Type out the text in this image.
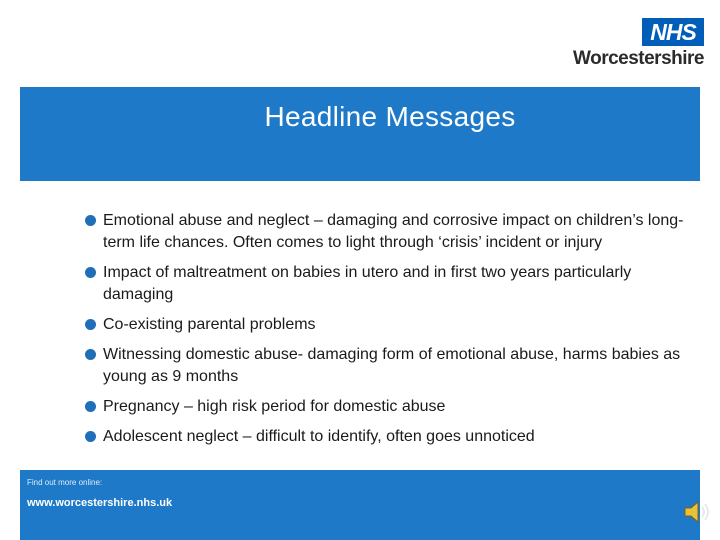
NHS
Worcestershire
Headline Messages
Emotional abuse and neglect – damaging and corrosive impact on children’s long-term life chances. Often comes to light through ‘crisis’ incident or injury
Impact of maltreatment on babies in utero and in first two years particularly damaging
Co-existing parental problems
Witnessing domestic abuse- damaging form of emotional abuse, harms babies as young as 9 months
Pregnancy – high risk period for domestic abuse
Adolescent neglect – difficult to identify, often goes unnoticed
Find out more online:
www.worcestershire.nhs.uk
